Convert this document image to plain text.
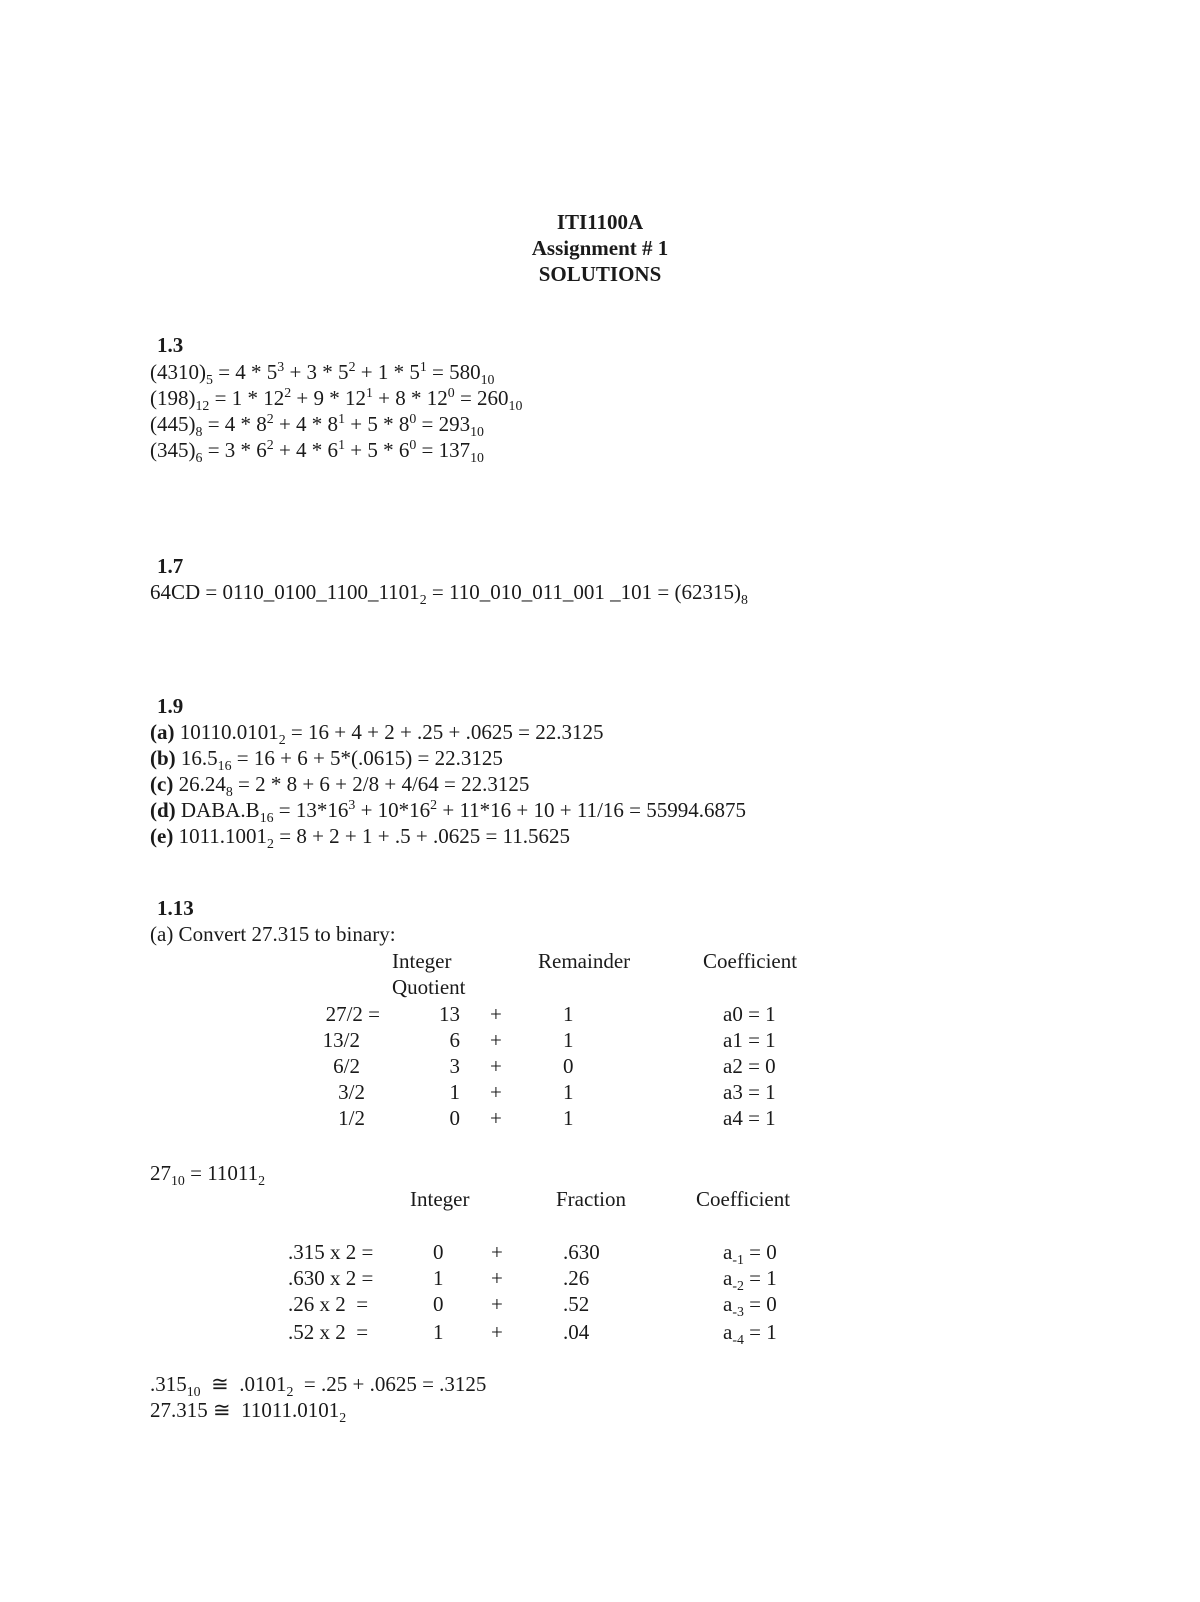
ITI1100A
Assignment # 1
SOLUTIONS
1.3
$(4310)_5 = 4 * 5^3 + 3 * 5^2 + 1 * 5^1 = 580_{10}$
$(198)_{12} = 1 * 12^2 + 9 * 12^1 + 8 * 12^0 = 260_{10}$
$(445)_8 = 4 * 8^2 + 4 * 8^1 + 5 * 8^0 = 293_{10}$
$(345)_6 = 3 * 6^2 + 4 * 6^1 + 5 * 6^0 = 137_{10}$
1.7
$64CD = 0110\_0100\_1100\_1101_2$ = 110_010_011_001 _101 = $(62315)_8$
1.9
(a) $10110.0101_2 = 16 + 4 + 2 + .25 + .0625 = 22.3125$
(b) $16.5_{16} = 16 + 6 + 5*(.0615) = 22.3125$
(c) $26.24_8 = 2 * 8 + 6 + 2/8 + 4/64 = 22.3125$
(d) $DABA.B_{16} = 13*16^3 + 10*16^2 + 11*16 + 10 + 11/16 = 55994.6875$
(e) $1011.1001_2 = 8 + 2 + 1 + .5 + .0625 = 11.5625$
1.13
(a) Convert 27.315 to binary:
Integer
Quotient
Remainder	Coefficient
27/2 =	13 +	1	a0 = 1
13/2	6 +	1	a1 = 1
6/2	3 +	0	a2 = 0
3/2	1 +	1	a3 = 1
1/2	0 +	1	a4 = 1
$27_{10} = 11011_2$
Integer	Fraction	Coefficient
.315 x 2 =	0 +	.630	$a_{-1} = 0$
.630 x 2 =	1 +	.26	$a_{-2} = 1$
.26 x 2  =	0 +	.52	$a_{-3} = 0$
.52 x 2  =	1 +	.04	$a_{-4} = 1$
$.315_{10}$  ≅  $.0101_2 = .25 + .0625 = .3125$
27.315 ≅  $11011.0101_2$
